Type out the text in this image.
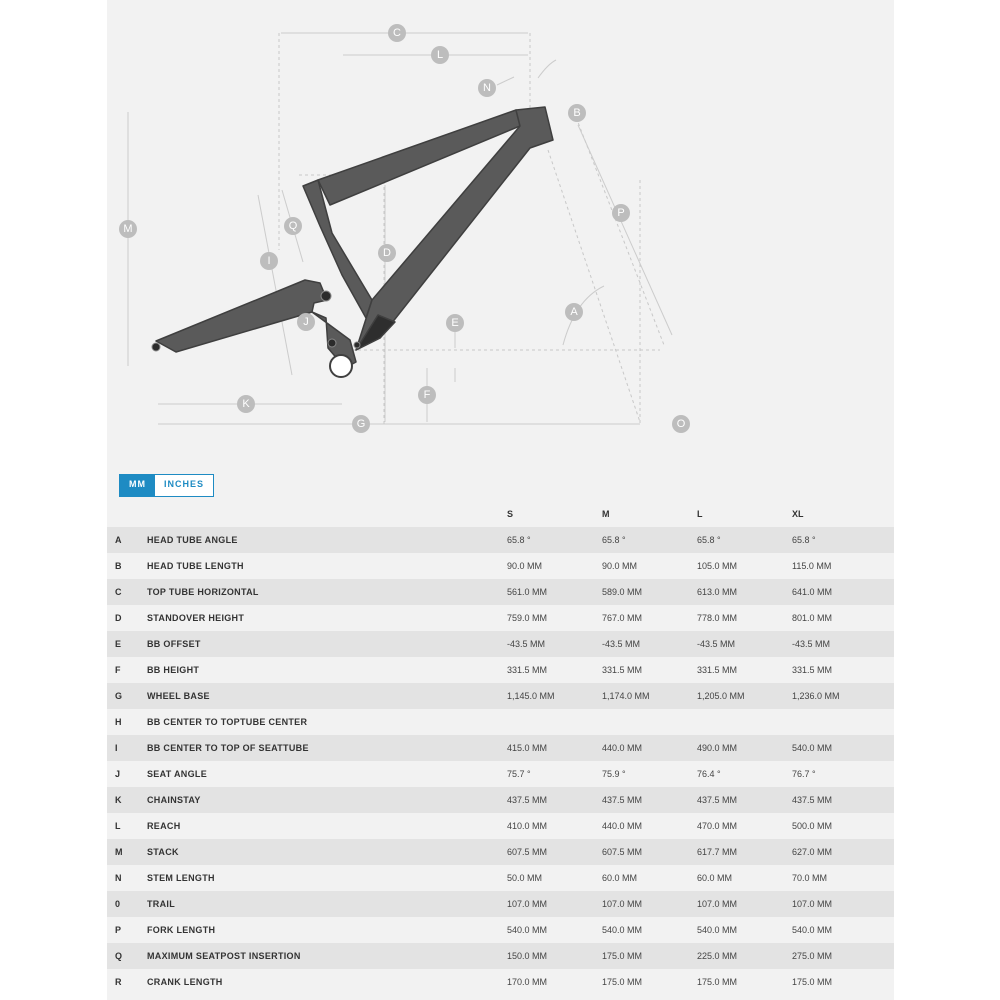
C
L
N
B
P
M	Q
D
I
A
E
J
F
K
G	O
MM	INCHES
		S	M	L	XL
A	HEAD TUBE ANGLE	65.8 °	65.8 °	65.8 °	65.8 °
B	HEAD TUBE LENGTH	90.0 MM	90.0 MM	105.0 MM	115.0 MM
C	TOP TUBE HORIZONTAL	561.0 MM	589.0 MM	613.0 MM	641.0 MM
D	STANDOVER HEIGHT	759.0 MM	767.0 MM	778.0 MM	801.0 MM
E	BB OFFSET	-43.5 MM	-43.5 MM	-43.5 MM	-43.5 MM
F	BB HEIGHT	331.5 MM	331.5 MM	331.5 MM	331.5 MM
G	WHEEL BASE	1,145.0 MM	1,174.0 MM	1,205.0 MM	1,236.0 MM
H	BB CENTER TO TOPTUBE CENTER				
I	BB CENTER TO TOP OF SEATTUBE	415.0 MM	440.0 MM	490.0 MM	540.0 MM
J	SEAT ANGLE	75.7 °	75.9 °	76.4 °	76.7 °
K	CHAINSTAY	437.5 MM	437.5 MM	437.5 MM	437.5 MM
L	REACH	410.0 MM	440.0 MM	470.0 MM	500.0 MM
M	STACK	607.5 MM	607.5 MM	617.7 MM	627.0 MM
N	STEM LENGTH	50.0 MM	60.0 MM	60.0 MM	70.0 MM
0	TRAIL	107.0 MM	107.0 MM	107.0 MM	107.0 MM
P	FORK LENGTH	540.0 MM	540.0 MM	540.0 MM	540.0 MM
Q	MAXIMUM SEATPOST INSERTION	150.0 MM	175.0 MM	225.0 MM	275.0 MM
R	CRANK LENGTH	170.0 MM	175.0 MM	175.0 MM	175.0 MM
